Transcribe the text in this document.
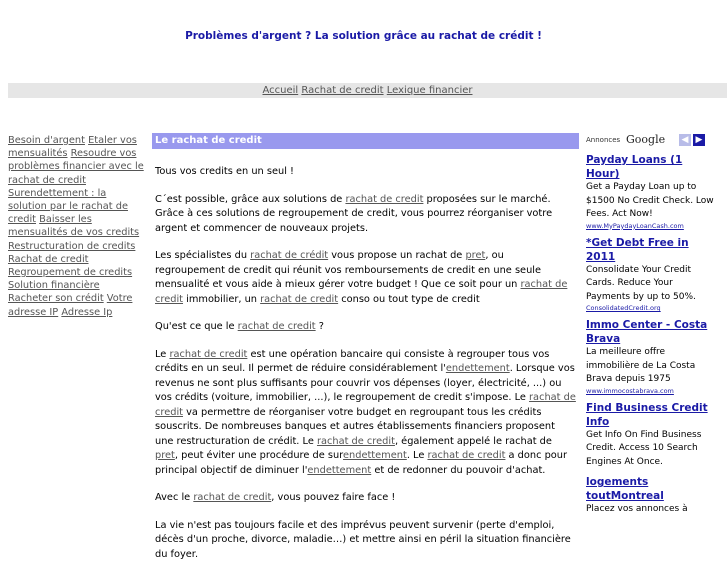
Problèmes d'argent ? La solution grâce au rachat de crédit !
Accueil Rachat de credit Lexique financier
Besoin d'argent Etaler vos mensualités Resoudre vos problèmes financier avec le rachat de credit Surendettement : la solution par le rachat de credit Baisser les mensualités de vos credits Restructuration de credits Rachat de credit Regroupement de credits Solution financière Racheter son crédit Votre adresse IP Adresse Ip
Le rachat de credit

Tous vos credits en un seul !

C´est possible, grâce aux solutions de rachat de credit proposées sur le marché. Grâce à ces solutions de regroupement de credit, vous pourrez réorganiser votre argent et commencer de nouveaux projets.

Les spécialistes du rachat de crédit vous propose un rachat de pret, ou regroupement de credit qui réunit vos remboursements de credit en une seule mensualité et vous aide à mieux gérer votre budget ! Que ce soit pour un rachat de credit immobilier, un rachat de credit conso ou tout type de credit

Qu'est ce que le rachat de credit ?

Le rachat de credit est une opération bancaire qui consiste à regrouper tous vos crédits en un seul. Il permet de réduire considérablement l'endettement. Lorsque vos revenus ne sont plus suffisants pour couvrir vos dépenses (loyer, électricité, ...) ou vos crédits (voiture, immobilier, ...), le regroupement de credit s'impose. Le rachat de credit va permettre de réorganiser votre budget en regroupant tous les crédits souscrits. De nombreuses banques et autres établissements financiers proposent une restructuration de crédit. Le rachat de credit, également appelé le rachat de pret, peut éviter une procédure de surendettement. Le rachat de credit a donc pour principal objectif de diminuer l'endettement et de redonner du pouvoir d'achat.

Avec le rachat de credit, vous pouvez faire face !

La vie n'est pas toujours facile et des imprévus peuvent survenir (perte d'emploi, décès d'un proche, divorce, maladie…) et mettre ainsi en péril la situation financière du foyer.

Annonces Google ◀ ▶
Payday Loans (1 Hour)
Get a Payday Loan up to $1500 No Credit Check. Low Fees. Act Now!
www.MyPaydayLoanCash.com
*Get Debt Free in 2011
Consolidate Your Credit Cards. Reduce Your Payments by up to 50%.
ConsolidatedCredit.org
Immo Center - Costa Brava
La meilleure offre immobilière de La Costa Brava depuis 1975
www.immocostabrava.com
Find Business Credit Info
Get Info On Find Business Credit. Access 10 Search Engines At Once.
logements toutMontreal
Placez vos annonces à
